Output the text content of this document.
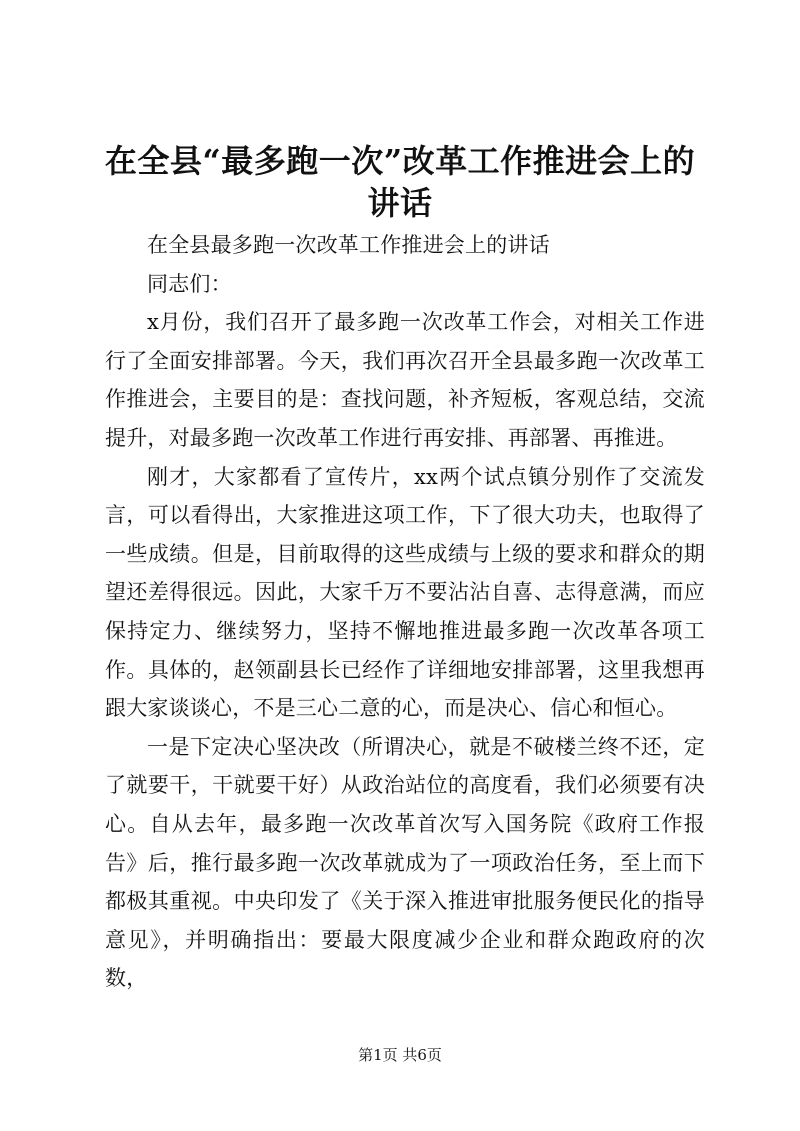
在全县“最多跑一次”改革工作推进会上的讲话

在全县最多跑一次改革工作推进会上的讲话

同志们：

x月份，我们召开了最多跑一次改革工作会，对相关工作进行了全面安排部署。今天，我们再次召开全县最多跑一次改革工作推进会，主要目的是：查找问题，补齐短板，客观总结，交流提升，对最多跑一次改革工作进行再安排、再部署、再推进。

刚才，大家都看了宣传片，xx两个试点镇分别作了交流发言，可以看得出，大家推进这项工作，下了很大功夫，也取得了一些成绩。但是，目前取得的这些成绩与上级的要求和群众的期望还差得很远。因此，大家千万不要沾沾自喜、志得意满，而应保持定力、继续努力，坚持不懈地推进最多跑一次改革各项工作。具体的，赵领副县长已经作了详细地安排部署，这里我想再跟大家谈谈心，不是三心二意的心，而是决心、信心和恒心。

一是下定决心坚决改（所谓决心，就是不破楼兰终不还，定了就要干，干就要干好）从政治站位的高度看，我们必须要有决心。自从去年，最多跑一次改革首次写入国务院《政府工作报告》后，推行最多跑一次改革就成为了一项政治任务，至上而下都极其重视。中央印发了《关于深入推进审批服务便民化的指导意见》，并明确指出：要最大限度减少企业和群众跑政府的次数，

第1页 共6页
